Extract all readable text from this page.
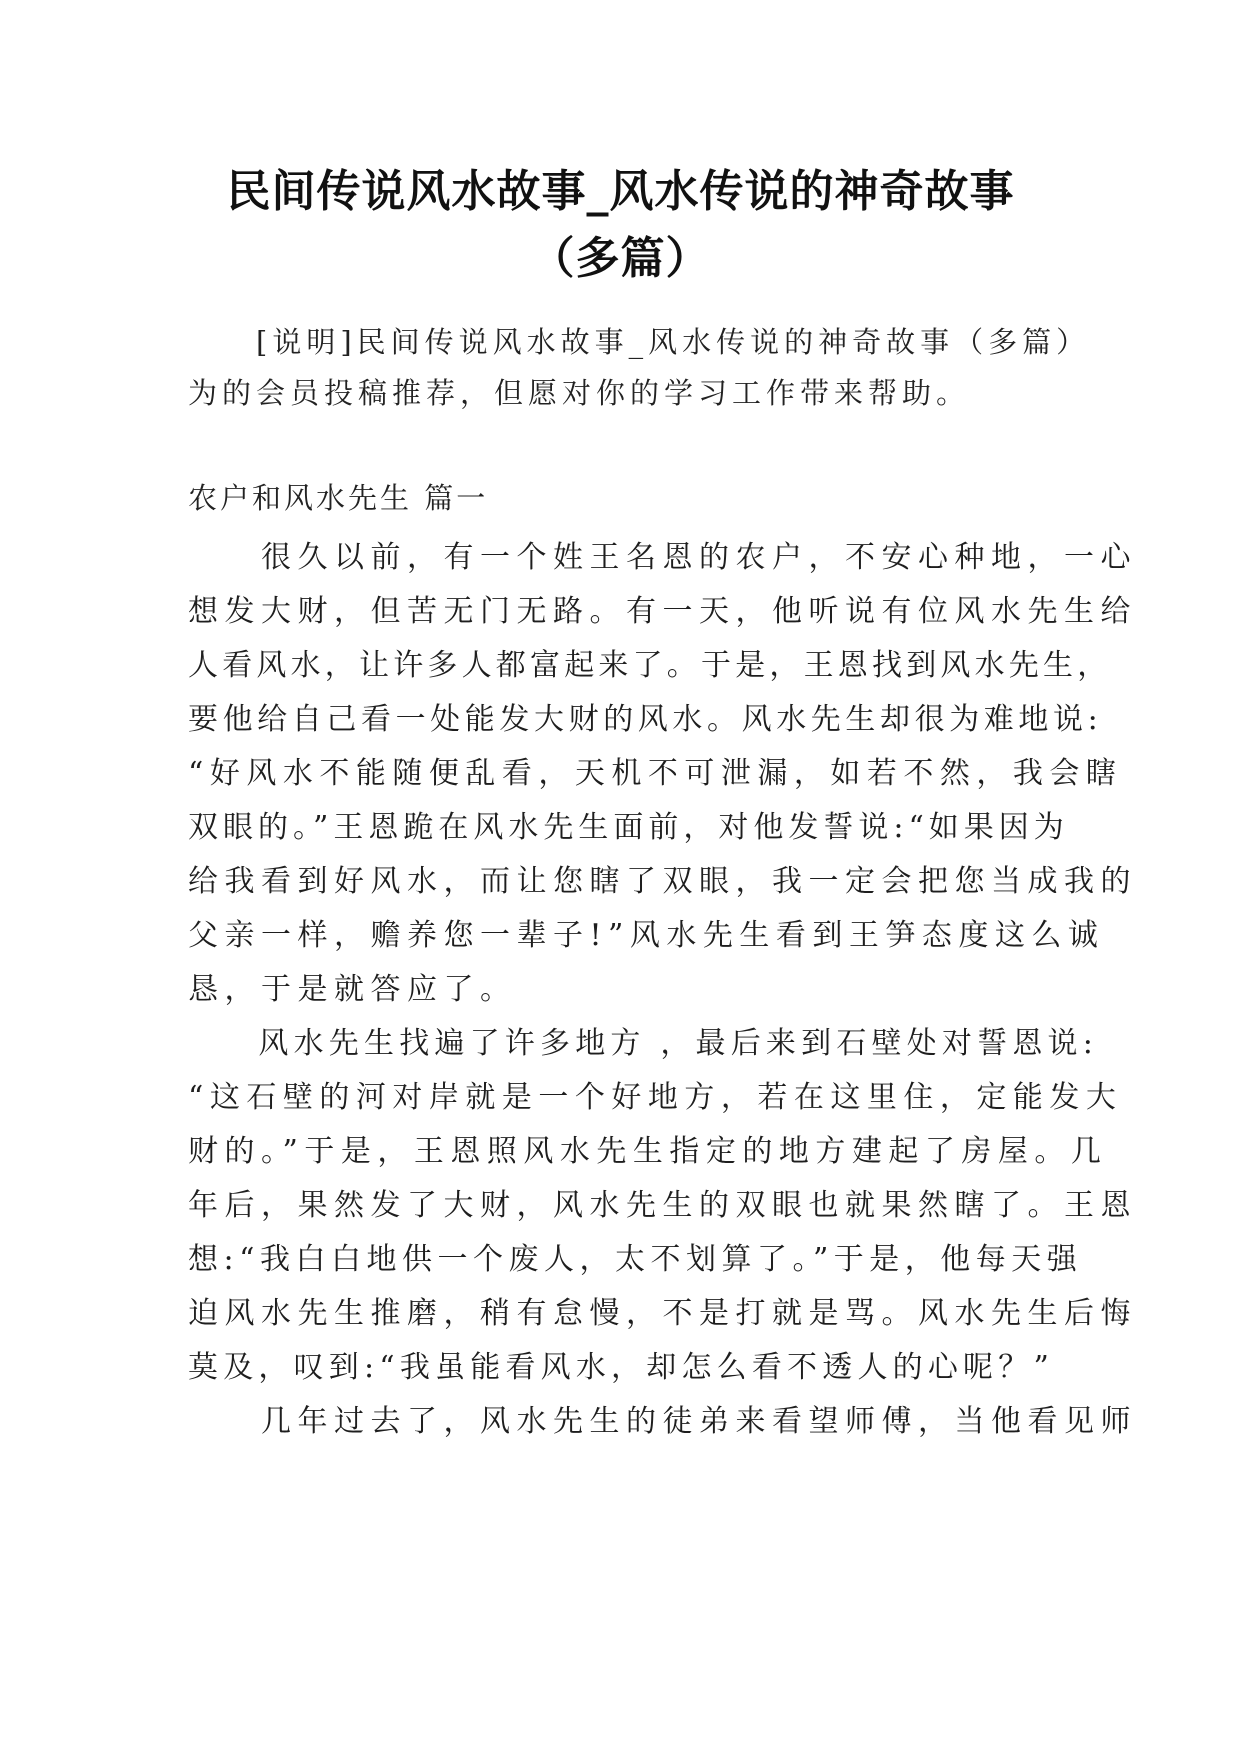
民间传说风水故事_风水传说的神奇故事
（多篇）

　　[说明]民间传说风水故事_风水传说的神奇故事（多篇）

为的会员投稿推荐，但愿对你的学习工作带来帮助。

农户和风水先生 篇一

　　很久以前，有一个姓王名恩的农户，不安心种地，一心

想发大财，但苦无门无路。有一天，他听说有位风水先生给

人看风水，让许多人都富起来了。于是，王恩找到风水先生，

要他给自己看一处能发大财的风水。风水先生却很为难地说:

“好风水不能随便乱看，天机不可泄漏，如若不然，我会瞎

双眼的。”王恩跪在风水先生面前，对他发誓说:“如果因为

给我看到好风水，而让您瞎了双眼，我一定会把您当成我的

父亲一样，赡养您一辈子!”风水先生看到王笋态度这么诚

恳，于是就答应了。

　　风水先生找遍了许多地方 ，最后来到石壁处对誓恩说:

“这石壁的河对岸就是一个好地方，若在这里住，定能发大

财的。”于是，王恩照风水先生指定的地方建起了房屋。几

年后，果然发了大财，风水先生的双眼也就果然瞎了。王恩

想:“我白白地供一个废人，太不划算了。”于是，他每天强

迫风水先生推磨，稍有怠慢，不是打就是骂。风水先生后悔

莫及，叹到:“我虽能看风水，却怎么看不透人的心呢？”

　　几年过去了，风水先生的徒弟来看望师傅，当他看见师
